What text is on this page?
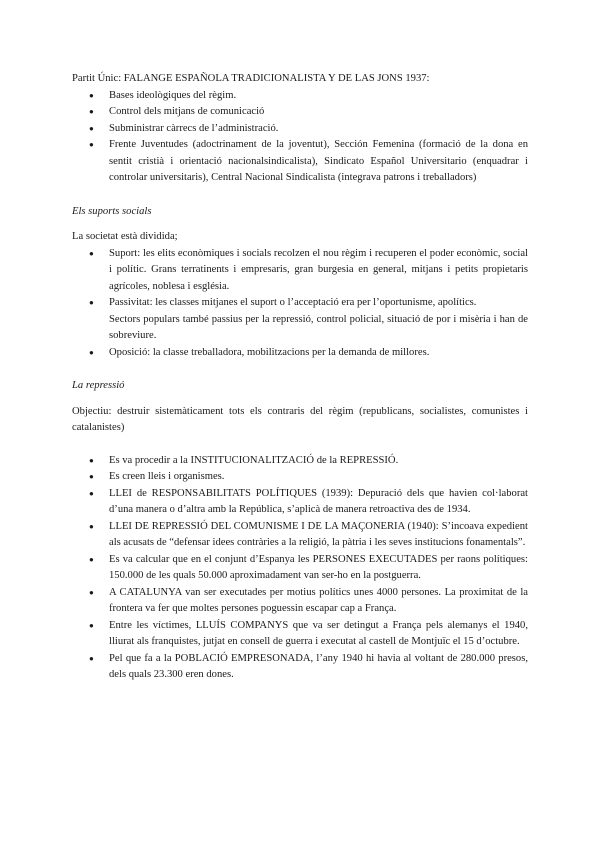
Partit Únic: FALANGE ESPAÑOLA TRADICIONALISTA Y DE LAS JONS 1937:

● Bases ideològiques del règim.
● Control dels mitjans de comunicació
● Subministrar càrrecs de l’administració.
● Frente Juventudes (adoctrinament de la joventut), Sección Femenina (formació de la dona en sentit cristià i orientació nacionalsindicalista), Sindicato Español Universitario (enquadrar i controlar universitaris), Central Nacional Sindicalista (integrava patrons i treballadors)

Els suports socials

La societat està dividida;

● Suport: les elits econòmiques i socials recolzen el nou règim i recuperen el poder econòmic, social i polític. Grans terratinents i empresaris, gran burgesia en general, mitjans i petits propietaris agrícoles, noblesa i església.
● Passivitat: les classes mitjanes el suport o l’acceptació era per l’oportunisme, apolítics.
Sectors populars també passius per la repressió, control policial, situació de por i misèria i han de sobreviure.
● Oposició: la classe treballadora, mobilitzacions per la demanda de millores.

La repressió

Objectiu: destruir sistemàticament tots els contraris del règim (republicans, socialistes, comunistes i catalanistes)

● Es va procedir a la INSTITUCIONALITZACIÓ de la REPRESSIÓ.
● Es creen lleis i organismes.
● LLEI de RESPONSABILITATS POLÍTIQUES (1939): Depuració dels que havien col·laborat d’una manera o d’altra amb la República, s’aplicà de manera retroactiva des de 1934.
● LLEI DE REPRESSIÓ DEL COMUNISME I DE LA MAÇONERIA (1940): S’incoava expedient als acusats de “defensar idees contràries a la religió, la pàtria i les seves institucions fonamentals”.
● Es va calcular que en el conjunt d’Espanya les PERSONES EXECUTADES per raons polítiques: 150.000 de les quals 50.000 aproximadament van ser-ho en la postguerra.
● A CATALUNYA van ser executades per motius polítics unes 4000 persones. La proximitat de la frontera va fer que moltes persones poguessin escapar cap a França.
● Entre les víctimes, LLUÍS COMPANYS que va ser detingut a França pels alemanys el 1940, lliurat als franquistes, jutjat en consell de guerra i executat al castell de Montjuïc el 15 d’octubre.
● Pel que fa a la POBLACIÓ EMPRESONADA, l’any 1940 hi havia al voltant de 280.000 presos, dels quals 23.300 eren dones.
